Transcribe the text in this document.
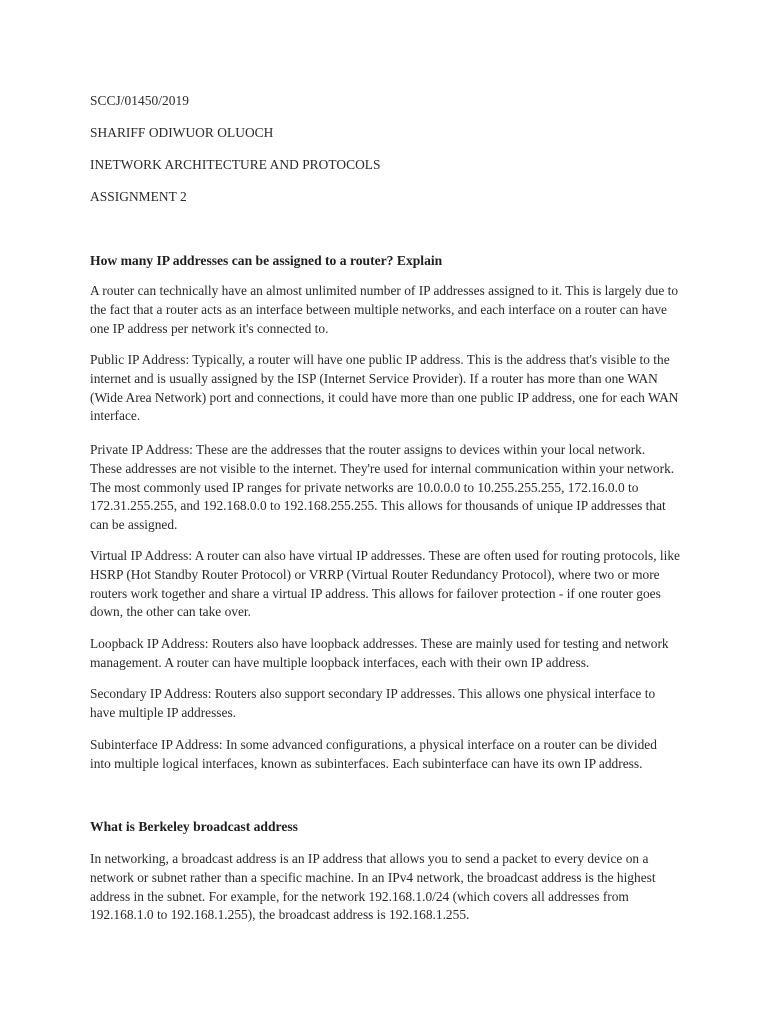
SCCJ/01450/2019
SHARIFF ODIWUOR OLUOCH
INETWORK ARCHITECTURE AND PROTOCOLS
ASSIGNMENT 2
How many IP addresses can be assigned to a router? Explain
A router can technically have an almost unlimited number of IP addresses assigned to it. This is largely due to the fact that a router acts as an interface between multiple networks, and each interface on a router can have one IP address per network it's connected to.
Public IP Address: Typically, a router will have one public IP address. This is the address that's visible to the internet and is usually assigned by the ISP (Internet Service Provider). If a router has more than one WAN (Wide Area Network) port and connections, it could have more than one public IP address, one for each WAN interface.
Private IP Address: These are the addresses that the router assigns to devices within your local network. These addresses are not visible to the internet. They're used for internal communication within your network. The most commonly used IP ranges for private networks are 10.0.0.0 to 10.255.255.255, 172.16.0.0 to 172.31.255.255, and 192.168.0.0 to 192.168.255.255. This allows for thousands of unique IP addresses that can be assigned.
Virtual IP Address: A router can also have virtual IP addresses. These are often used for routing protocols, like HSRP (Hot Standby Router Protocol) or VRRP (Virtual Router Redundancy Protocol), where two or more routers work together and share a virtual IP address. This allows for failover protection - if one router goes down, the other can take over.
Loopback IP Address: Routers also have loopback addresses. These are mainly used for testing and network management. A router can have multiple loopback interfaces, each with their own IP address.
Secondary IP Address: Routers also support secondary IP addresses. This allows one physical interface to have multiple IP addresses.
Subinterface IP Address: In some advanced configurations, a physical interface on a router can be divided into multiple logical interfaces, known as subinterfaces. Each subinterface can have its own IP address.
What is Berkeley broadcast address
In networking, a broadcast address is an IP address that allows you to send a packet to every device on a network or subnet rather than a specific machine. In an IPv4 network, the broadcast address is the highest address in the subnet. For example, for the network 192.168.1.0/24 (which covers all addresses from 192.168.1.0 to 192.168.1.255), the broadcast address is 192.168.1.255.
